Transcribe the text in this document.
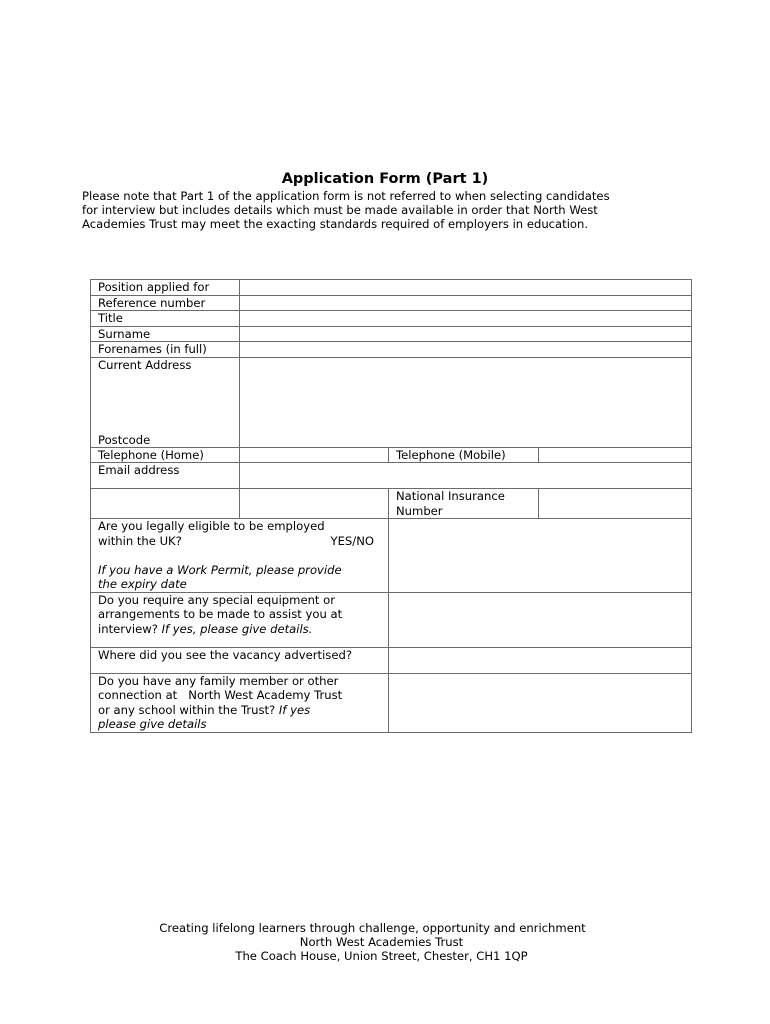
Application Form (Part 1)

Please note that Part 1 of the application form is not referred to when selecting candidates
for interview but includes details which must be made available in order that North West
Academies Trust may meet the exacting standards required of employers in education.

Position applied for			
Reference number			
Title			
Surname			
Forenames (in full)			

Current Address
Postcode			

Telephone (Home)		Telephone (Mobile)	
Email address			
		National Insurance
Number	
Are you legally eligible to be employed
within the UK? YES/NO

If you have a Work Permit, please provide
the expiry date			
Do you require any special equipment or
arrangements to be made to assist you at
interview? If yes, please give details.			
Where did you see the vacancy advertised?			
Do you have any family member or other
connection at   North West Academy Trust
or any school within the Trust? If yes
please give details			
Creating lifelong learners through challenge, opportunity and enrichment
North West Academies Trust
The Coach House, Union Street, Chester, CH1 1QP
